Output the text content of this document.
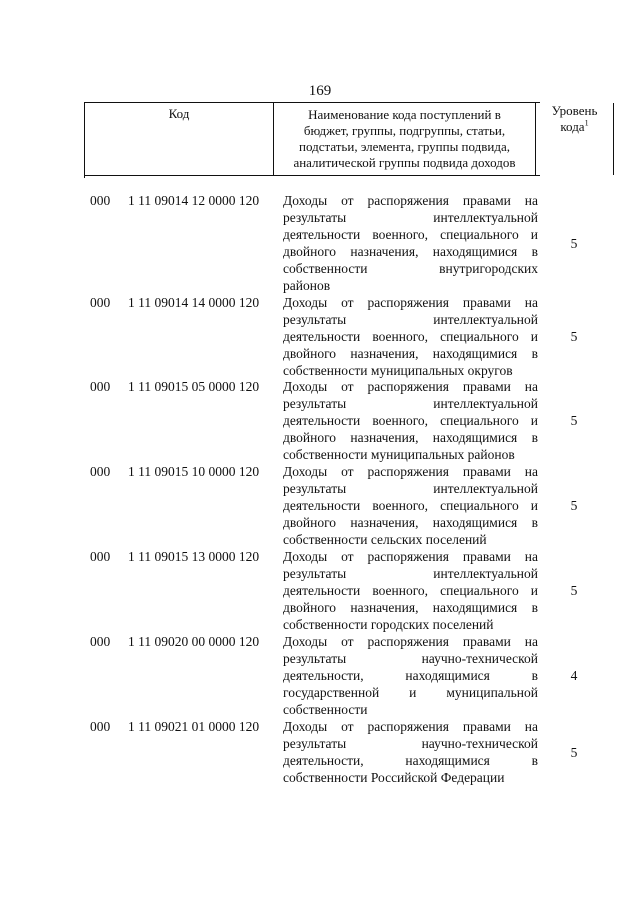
169
Код	Наименование кода поступлений в
бюджет, группы, подгруппы, статьи,
подстатьи, элемента, группы подвида,
аналитической группы подвида доходов
Уровень
кода$^1$
000 1 11 09014 12 0000 120 Доходы от распоряжения правами на
результаты интеллектуальной
деятельности военного, специального и
двойного назначения, находящимися в
собственности внутригородских
районов
5
000 1 11 09014 14 0000 120 Доходы от распоряжения правами на
результаты интеллектуальной
деятельности военного, специального и
двойного назначения, находящимися в
собственности муниципальных округов
5
000 1 11 09015 05 0000 120 Доходы от распоряжения правами на
результаты интеллектуальной
деятельности военного, специального и
двойного назначения, находящимися в
собственности муниципальных районов
5
000 1 11 09015 10 0000 120 Доходы от распоряжения правами на
результаты интеллектуальной
деятельности военного, специального и
двойного назначения, находящимися в
собственности сельских поселений
5
000 1 11 09015 13 0000 120 Доходы от распоряжения правами на
результаты интеллектуальной
деятельности военного, специального и
двойного назначения, находящимися в
собственности городских поселений
5
000 1 11 09020 00 0000 120 Доходы от распоряжения правами на
результаты научно-технической
деятельности, находящимися в
государственной и муниципальной
собственности
4
000 1 11 09021 01 0000 120 Доходы от распоряжения правами на
результаты научно-технической
деятельности, находящимися в
собственности Российской Федерации
5
